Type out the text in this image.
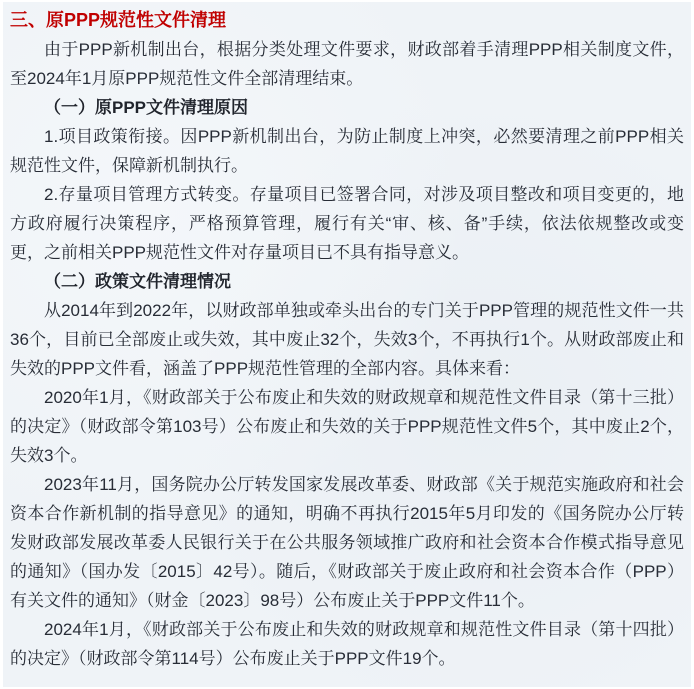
三、原PPP规范性文件清理

由于PPP新机制出台，根据分类处理文件要求，财政部着手清理PPP相关制度文件，至2024年1月原PPP规范性文件全部清理结束。

（一）原PPP文件清理原因

1.项目政策衔接。因PPP新机制出台，为防止制度上冲突，必然要清理之前PPP相关规范性文件，保障新机制执行。

2.存量项目管理方式转变。存量项目已签署合同，对涉及项目整改和项目变更的，地方政府履行决策程序，严格预算管理，履行有关“审、核、备”手续，依法依规整改或变更，之前相关PPP规范性文件对存量项目已不具有指导意义。

（二）政策文件清理情况

从2014年到2022年，以财政部单独或牵头出台的专门关于PPP管理的规范性文件一共36个，目前已全部废止或失效，其中废止32个，失效3个，不再执行1个。从财政部废止和失效的PPP文件看，涵盖了PPP规范性管理的全部内容。具体来看：

2020年1月，《财政部关于公布废止和失效的财政规章和规范性文件目录（第十三批）的决定》（财政部令第103号）公布废止和失效的关于PPP规范性文件5个，其中废止2个，失效3个。

2023年11月，国务院办公厅转发国家发展改革委、财政部《关于规范实施政府和社会资本合作新机制的指导意见》的通知，明确不再执行2015年5月印发的《国务院办公厅转发财政部发展改革委人民银行关于在公共服务领域推广政府和社会资本合作模式指导意见的通知》（国办发〔2015〕42号）。随后，《财政部关于废止政府和社会资本合作（PPP）有关文件的通知》（财金〔2023〕98号）公布废止关于PPP文件11个。

2024年1月，《财政部关于公布废止和失效的财政规章和规范性文件目录（第十四批）的决定》（财政部令第114号）公布废止关于PPP文件19个。
